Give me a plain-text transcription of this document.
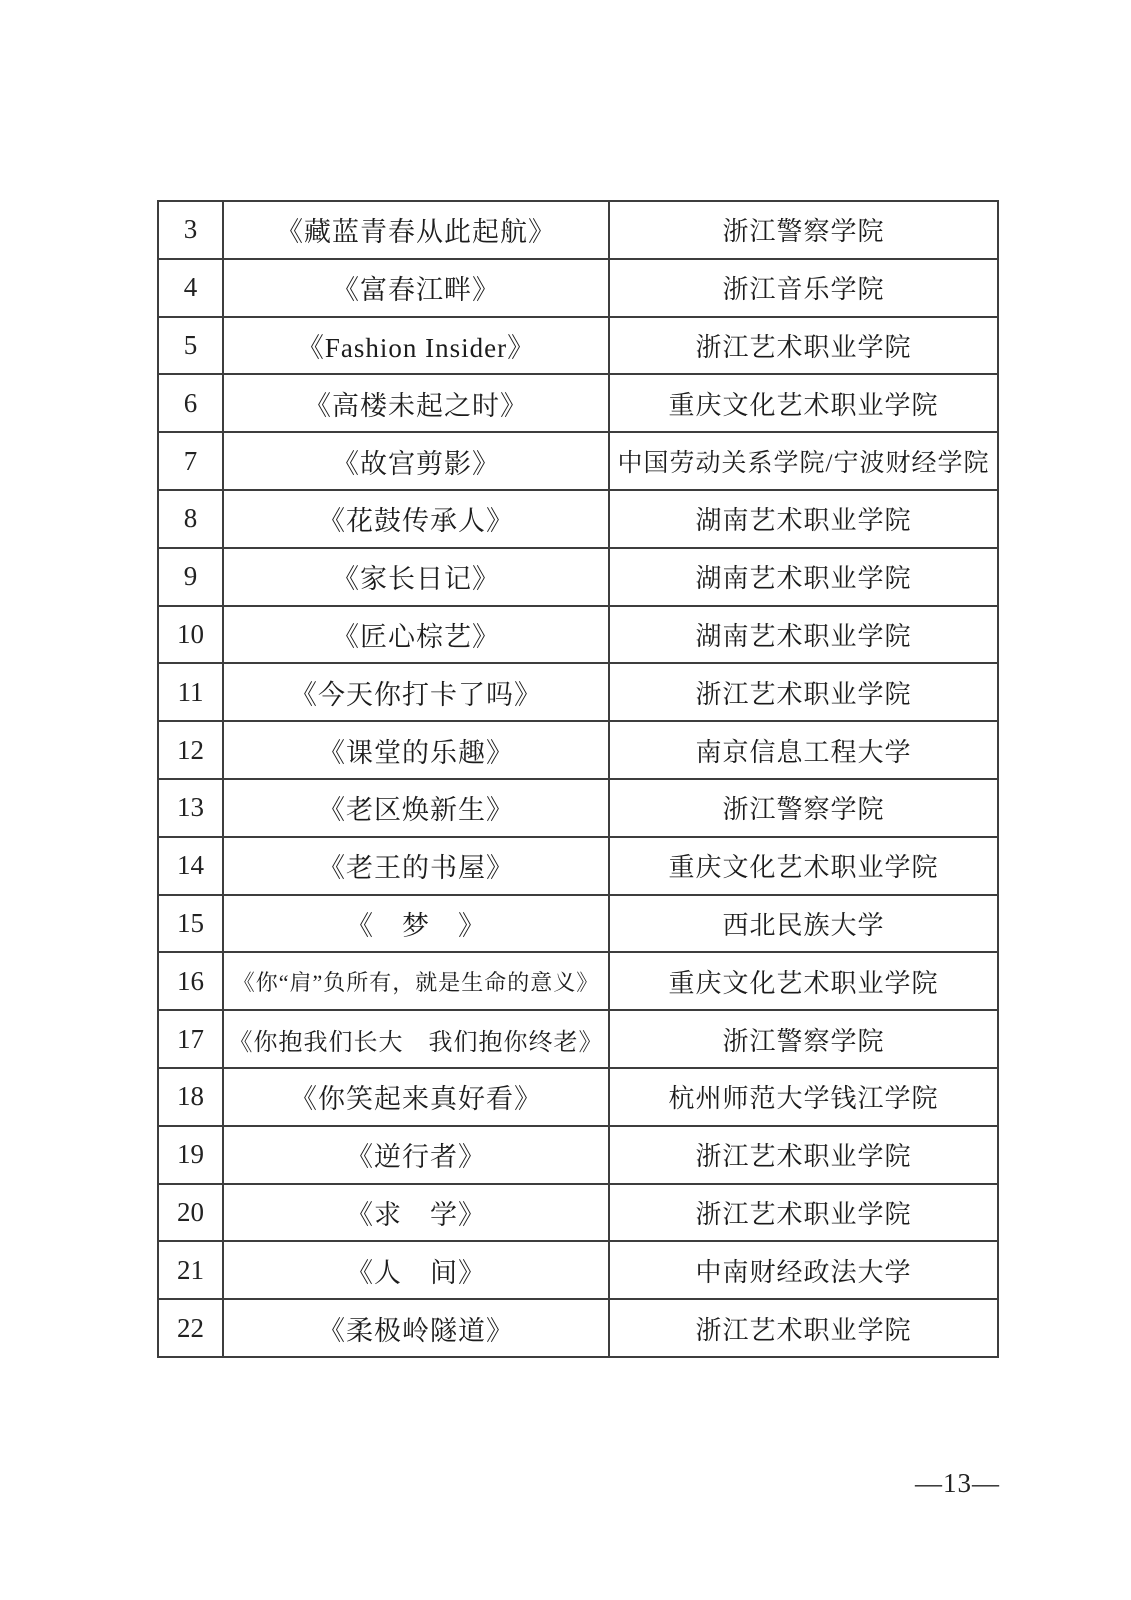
3	《藏蓝青春从此起航》	浙江警察学院
4	《富春江畔》	浙江音乐学院
5	《Fashion Insider》	浙江艺术职业学院
6	《高楼未起之时》	重庆文化艺术职业学院
7	《故宫剪影》	中国劳动关系学院/宁波财经学院
8	《花鼓传承人》	湖南艺术职业学院
9	《家长日记》	湖南艺术职业学院
10	《匠心棕艺》	湖南艺术职业学院
11	《今天你打卡了吗》	浙江艺术职业学院
12	《课堂的乐趣》	南京信息工程大学
13	《老区焕新生》	浙江警察学院
14	《老王的书屋》	重庆文化艺术职业学院
15	《　梦　》	西北民族大学
16	《你“肩”负所有，就是生命的意义》	重庆文化艺术职业学院
17	《你抱我们长大　我们抱你终老》	浙江警察学院
18	《你笑起来真好看》	杭州师范大学钱江学院
19	《逆行者》	浙江艺术职业学院
20	《求　学》	浙江艺术职业学院
21	《人　间》	中南财经政法大学
22	《柔极岭隧道》	浙江艺术职业学院
—13—
